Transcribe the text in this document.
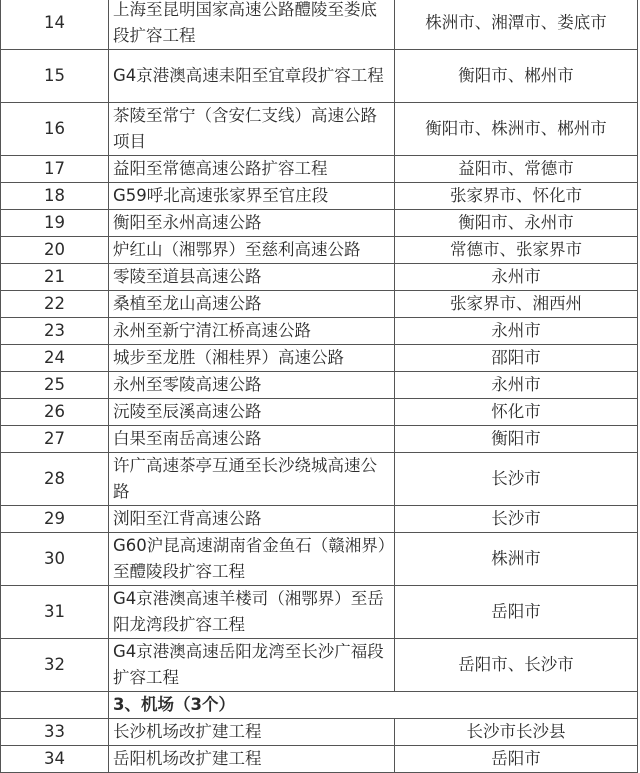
14	上海至昆明国家高速公路醴陵至娄底段扩容工程	株洲市、湘潭市、娄底市
15	G4京港澳高速耒阳至宜章段扩容工程	衡阳市、郴州市
16	茶陵至常宁（含安仁支线）高速公路项目	衡阳市、株洲市、郴州市
17	益阳至常德高速公路扩容工程	益阳市、常德市
18	G59呼北高速张家界至官庄段	张家界市、怀化市
19	衡阳至永州高速公路	衡阳市、永州市
20	炉红山（湘鄂界）至慈利高速公路	常德市、张家界市
21	零陵至道县高速公路	永州市
22	桑植至龙山高速公路	张家界市、湘西州
23	永州至新宁清江桥高速公路	永州市
24	城步至龙胜（湘桂界）高速公路	邵阳市
25	永州至零陵高速公路	永州市
26	沅陵至辰溪高速公路	怀化市
27	白果至南岳高速公路	衡阳市
28	许广高速茶亭互通至长沙绕城高速公路	长沙市
29	浏阳至江背高速公路	长沙市
30	G60沪昆高速湖南省金鱼石（赣湘界）至醴陵段扩容工程	株洲市
31	G4京港澳高速羊楼司（湘鄂界）至岳阳龙湾段扩容工程	岳阳市
32	G4京港澳高速岳阳龙湾至长沙广福段扩容工程	岳阳市、长沙市
	3、机场（3个）	
33	长沙机场改扩建工程	长沙市长沙县
34	岳阳机场改扩建工程	岳阳市
